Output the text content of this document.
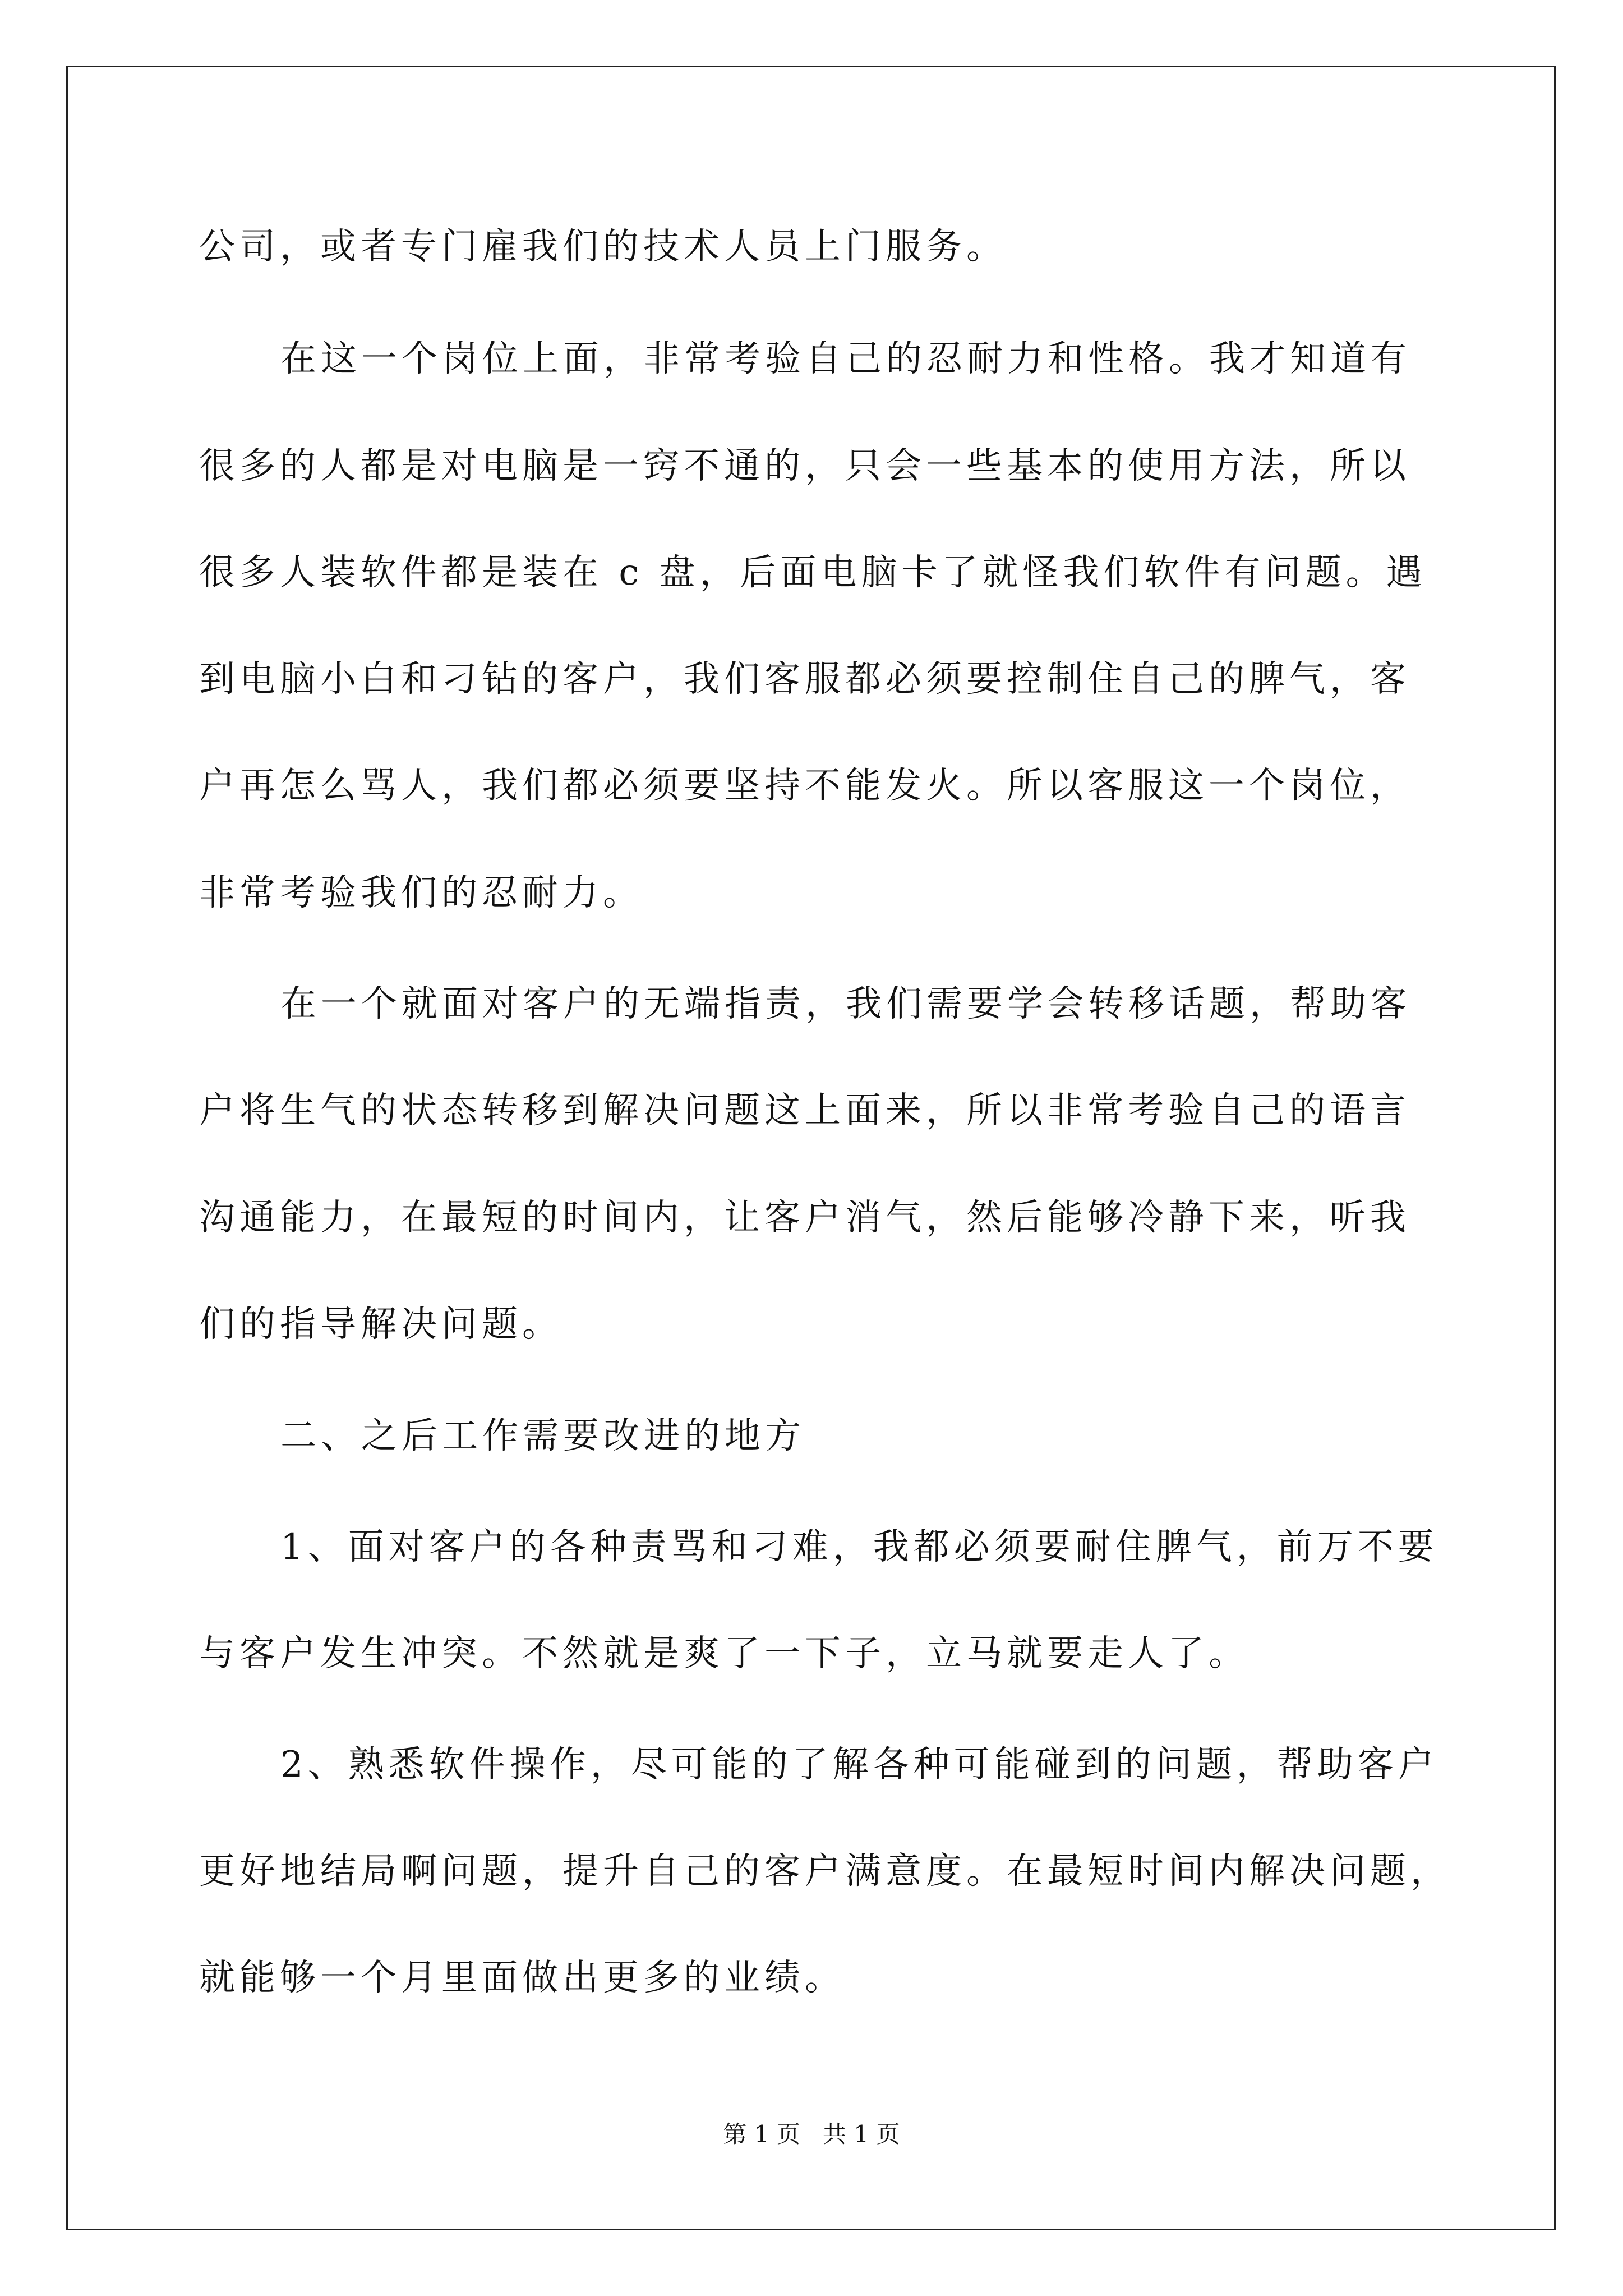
公司，或者专门雇我们的技术人员上门服务。

在这一个岗位上面，非常考验自己的忍耐力和性格。我才知道有

很多的人都是对电脑是一窍不通的，只会一些基本的使用方法，所以

很多人装软件都是装在 c 盘，后面电脑卡了就怪我们软件有问题。遇

到电脑小白和刁钻的客户，我们客服都必须要控制住自己的脾气，客

户再怎么骂人，我们都必须要坚持不能发火。所以客服这一个岗位，

非常考验我们的忍耐力。

在一个就面对客户的无端指责，我们需要学会转移话题，帮助客

户将生气的状态转移到解决问题这上面来，所以非常考验自己的语言

沟通能力，在最短的时间内，让客户消气，然后能够冷静下来，听我

们的指导解决问题。

二、之后工作需要改进的地方

1、面对客户的各种责骂和刁难，我都必须要耐住脾气，前万不要

与客户发生冲突。不然就是爽了一下子，立马就要走人了。

2、熟悉软件操作，尽可能的了解各种可能碰到的问题，帮助客户

更好地结局啊问题，提升自己的客户满意度。在最短时间内解决问题，

就能够一个月里面做出更多的业绩。

第 1 页   共 1 页
